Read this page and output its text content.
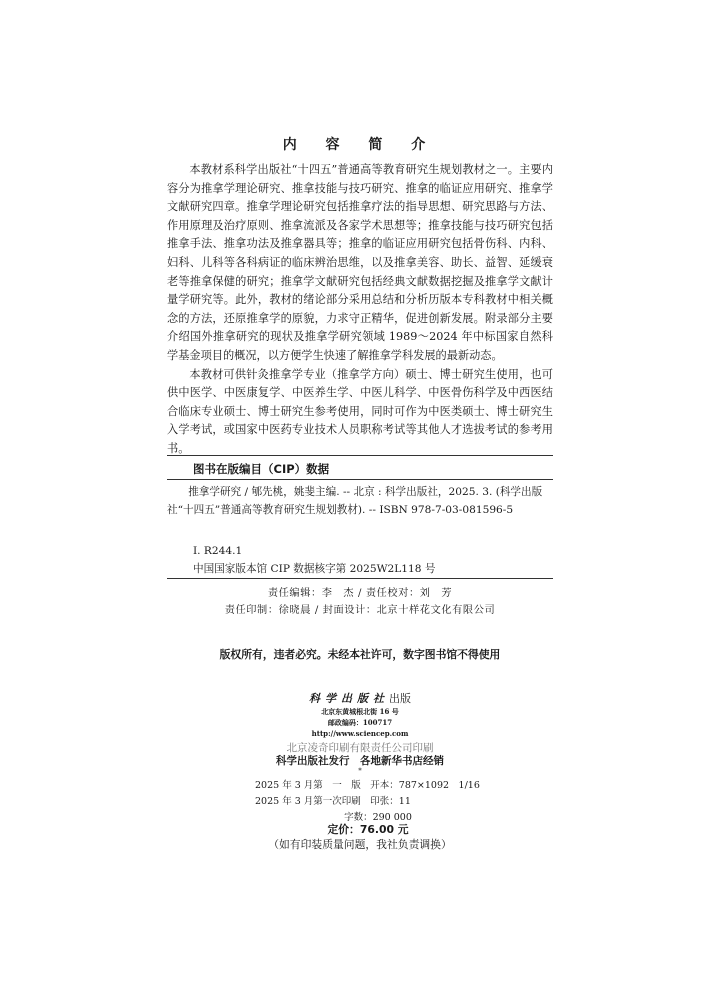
内 容 简 介

本教材系科学出版社“十四五”普通高等教育研究生规划教材之一。主要内容分为推拿学理论研究、推拿技能与技巧研究、推拿的临证应用研究、推拿学文献研究四章。推拿学理论研究包括推拿疗法的指导思想、研究思路与方法、作用原理及治疗原则、推拿流派及各家学术思想等；推拿技能与技巧研究包括推拿手法、推拿功法及推拿器具等；推拿的临证应用研究包括骨伤科、内科、妇科、儿科等各科病证的临床辨治思维，以及推拿美容、助长、益智、延缓衰老等推拿保健的研究；推拿学文献研究包括经典文献数据挖掘及推拿学文献计量学研究等。此外，教材的绪论部分采用总结和分析历版本专科教材中相关概念的方法，还原推拿学的原貌，力求守正精华，促进创新发展。附录部分主要介绍国外推拿研究的现状及推拿学研究领域 1989～2024 年中标国家自然科学基金项目的概况，以方便学生快速了解推拿学科发展的最新动态。

本教材可供针灸推拿学专业（推拿学方向）硕士、博士研究生使用，也可供中医学、中医康复学、中医养生学、中医儿科学、中医骨伤科学及中西医结合临床专业硕士、博士研究生参考使用，同时可作为中医类硕士、博士研究生入学考试，或国家中医药专业技术人员职称考试等其他人才选拔考试的参考用书。

图书在版编目（CIP）数据
推拿学研究 / 郇先桃，姚斐主编. -- 北京 : 科学出版社，2025. 3. (科学出版社“十四五”普通高等教育研究生规划教材). -- ISBN 978-7-03-081596-5
Ⅰ. R244.1
中国国家版本馆 CIP 数据核字第 2025W2L118 号
责任编辑：李　杰 / 责任校对：刘　芳
责任印制：徐晓晨 / 封面设计：北京十样花文化有限公司
版权所有，违者必究。未经本社许可，数字图书馆不得使用
科学出版社出版
北京东黄城根北街 16 号
邮政编码：100717
http://www.sciencep.com
北京凌奇印刷有限责任公司印刷
科学出版社发行　各地新华书店经销
*
2025 年 3 月第　一　版　开本：787×1092　1/16
2025 年 3 月第一次印刷　印张：11
字数：290 000
定价：76.00 元
（如有印装质量问题，我社负责调换）
